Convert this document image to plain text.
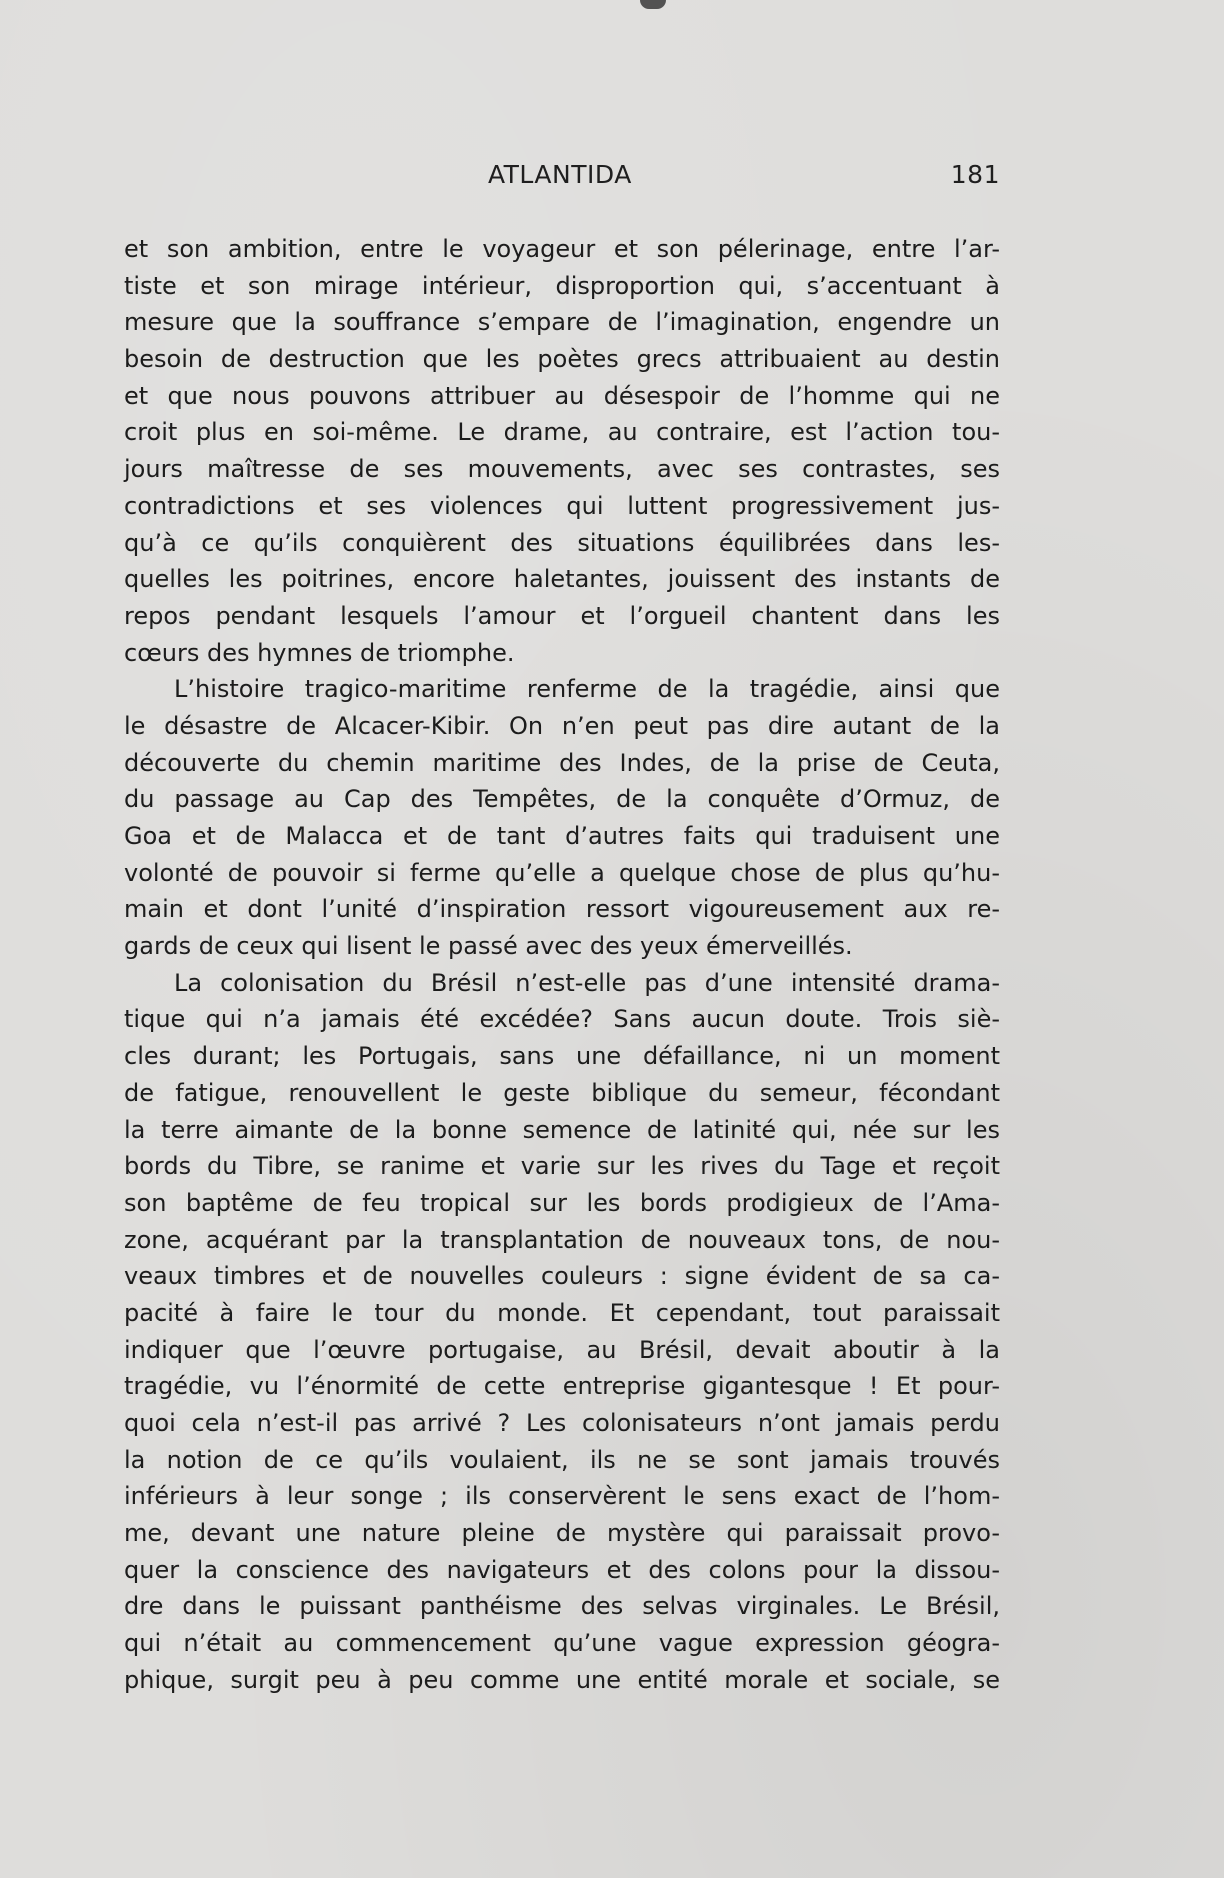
ATLANTIDA	181
et son ambition, entre le voyageur et son pélerinage, entre l’ar-
tiste et son mirage intérieur, disproportion qui, s’accentuant à
mesure que la souffrance s’empare de l’imagination, engendre un
besoin de destruction que les poètes grecs attribuaient au destin
et que nous pouvons attribuer au désespoir de l’homme qui ne
croit plus en soi-même. Le drame, au contraire, est l’action tou-
jours maîtresse de ses mouvements, avec ses contrastes, ses
contradictions et ses violences qui luttent progressivement jus-
qu’à ce qu’ils conquièrent des situations équilibrées dans les-
quelles les poitrines, encore haletantes, jouissent des instants de
repos pendant lesquels l’amour et l’orgueil chantent dans les
cœurs des hymnes de triomphe.
L’histoire tragico-maritime renferme de la tragédie, ainsi que
le désastre de Alcacer-Kibir. On n’en peut pas dire autant de la
découverte du chemin maritime des Indes, de la prise de Ceuta,
du passage au Cap des Tempêtes, de la conquête d’Ormuz, de
Goa et de Malacca et de tant d’autres faits qui traduisent une
volonté de pouvoir si ferme qu’elle a quelque chose de plus qu’hu-
main et dont l’unité d’inspiration ressort vigoureusement aux re-
gards de ceux qui lisent le passé avec des yeux émerveillés.
La colonisation du Brésil n’est-elle pas d’une intensité drama-
tique qui n’a jamais été excédée? Sans aucun doute. Trois siè-
cles durant; les Portugais, sans une défaillance, ni un moment
de fatigue, renouvellent le geste biblique du semeur, fécondant
la terre aimante de la bonne semence de latinité qui, née sur les
bords du Tibre, se ranime et varie sur les rives du Tage et reçoit
son baptême de feu tropical sur les bords prodigieux de l’Ama-
zone, acquérant par la transplantation de nouveaux tons, de nou-
veaux timbres et de nouvelles couleurs : signe évident de sa ca-
pacité à faire le tour du monde. Et cependant, tout paraissait
indiquer que l’œuvre portugaise, au Brésil, devait aboutir à la
tragédie, vu l’énormité de cette entreprise gigantesque ! Et pour-
quoi cela n’est-il pas arrivé ? Les colonisateurs n’ont jamais perdu
la notion de ce qu’ils voulaient, ils ne se sont jamais trouvés
inférieurs à leur songe ; ils conservèrent le sens exact de l’hom-
me, devant une nature pleine de mystère qui paraissait provo-
quer la conscience des navigateurs et des colons pour la dissou-
dre dans le puissant panthéisme des selvas virginales. Le Brésil,
qui n’était au commencement qu’une vague expression géogra-
phique, surgit peu à peu comme une entité morale et sociale, se
